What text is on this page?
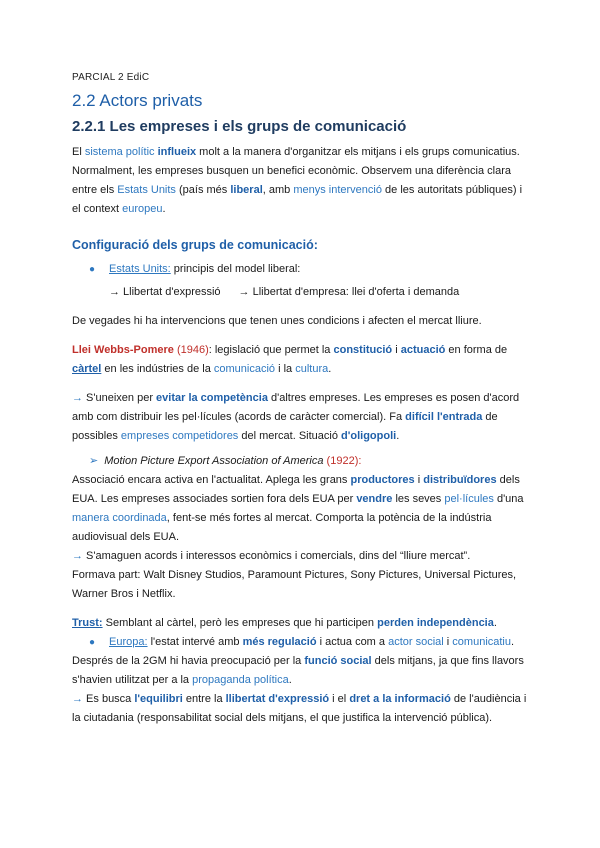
PARCIAL 2 EdiC
2.2 Actors privats
2.2.1 Les empreses i els grups de comunicació

El sistema polític influeix molt a la manera d'organitzar els mitjans i els grups comunicatius. Normalment, les empreses busquen un benefici econòmic. Observem una diferència clara entre els Estats Units (país més liberal, amb menys intervenció de les autoritats públiques) i el context europeu.

Configuració dels grups de comunicació:
● Estats Units: principis del model liberal:
→ Llibertat d'expressió → Llibertat d'empresa: llei d'oferta i demanda

De vegades hi ha intervencions que tenen unes condicions i afecten el mercat lliure.

Llei Webbs-Pomere (1946): legislació que permet la constitució i actuació en forma de càrtel en les indústries de la comunicació i la cultura.

→ S'uneixen per evitar la competència d'altres empreses. Les empreses es posen d'acord amb com distribuir les pel·lícules (acords de caràcter comercial). Fa difícil l'entrada de possibles empreses competidores del mercat. Situació d'oligopoli.

➢ Motion Picture Export Association of America (1922):

Associació encara activa en l'actualitat. Aplega les grans productores i distribuïdores dels EUA. Les empreses associades sortien fora dels EUA per vendre les seves pel·lícules d'una manera coordinada, fent-se més fortes al mercat. Comporta la potència de la indústria audiovisual dels EUA.

→ S'amaguen acords i interessos econòmics i comercials, dins del “lliure mercat”.

Formava part: Walt Disney Studios, Paramount Pictures, Sony Pictures, Universal Pictures, Warner Bros i Netflix.

Trust: Semblant al càrtel, però les empreses que hi participen perden independència.

● Europa: l'estat intervé amb més regulació i actua com a actor social i comunicatiu.

Després de la 2GM hi havia preocupació per la funció social dels mitjans, ja que fins llavors s'havien utilitzat per a la propaganda política.

→ Es busca l'equilibri entre la llibertat d'expressió i el dret a la informació de l'audiència i la ciutadania (responsabilitat social dels mitjans, el que justifica la intervenció pública).
